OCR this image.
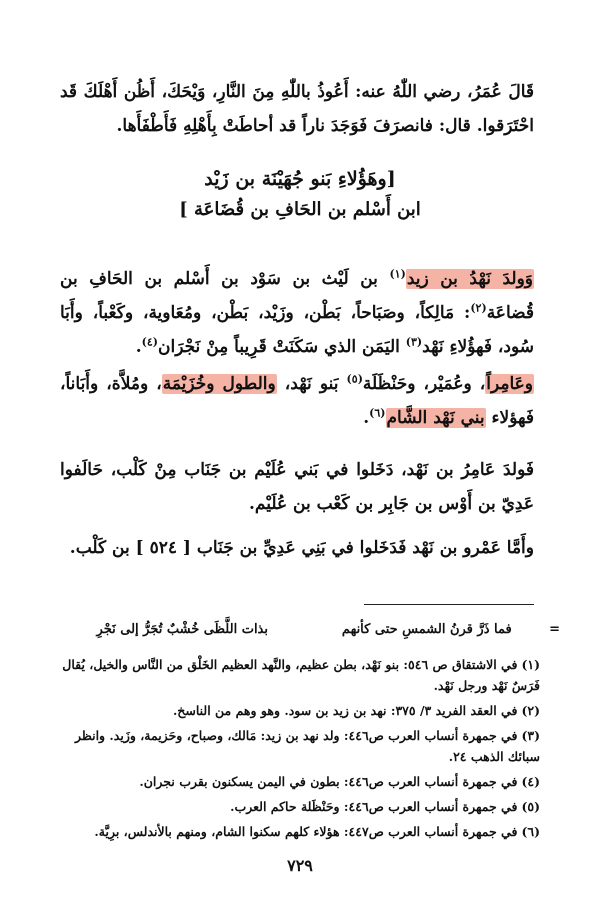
قَالَ عُمَرُ، رضي اللّٰهُ عنه: أَعُوذُ باللّٰهِ مِنَ النَّارِ، وَيْحَكَ، أَظُن أَهْلَكَ قَد احْتَرَقوا. قال: فانصرَفَ فَوَجَدَ ناراً قد أحاطَتْ بِأَهْلِهِ فَأَطْفَأَها.

[وهَؤُلاءِ بَنو جُهَيْنَة بن زَيْد
ابن أَسْلم بن الحَافِ بن قُضَاعَة ]

وَولدَ نَهْدُ بن زيد$^{(١)}$ بن لَيْث بن سَوْد بن أَسْلم بن الحَافِ بن قُضاعَة$^{(٢)}$: مَالِكاً، وصَبَاحاً، بَطْن، وزَيْد، بَطْن، ومُعَاوية، وكَعْباً، وأَبَا سُود، فَهؤُلاءِ نَهْد$^{(٣)}$ اليَمَن الذي سَكَنَتْ قَرِيباً مِنْ نَجْرَان$^{(٤)}$.

وعَامِراً، وعُمَيْر، وحَنْظَلَة$^{(٥)}$ بَنو نَهْد، والطول وخُزَيْمَة، ومُلاَّة، وأَبَاناً، فَهؤلاء بني نَهْد الشَّام$^{(٦)}$.

فَولدَ عَامِرُ بن نَهْد، دَخَلوا في بَني عُلَيْم بن جَنَاب مِنْ كَلْب، حَالَفوا عَدِيّ بن أَوْس بن جَابِر بن كَعْب بن عُلَيْم.

وأَمَّا عَمْرو بن نَهْد فَدَخَلوا في بَنِي عَدِيِّ بن جَنَاب [ ٥٢٤ ] بن كَلْب.

=
فما ذَرَّ قرنُ الشمسِ حتى كأنهم
بذات اللَّظَى خُشْبٌ تُجَرُّ إلى نَجْرِ

(١)في الاشتقاق ص ٥٤٦: بنو نَهْد، بطن عظيم، والنَّهد العظيم الخَلْق من النَّاس والخيل، يُقال فَرَسٌ نَهْد ورجل نَهْد.

(٢)في العقد الفريد ٣/ ٣٧٥: نهد بن زيد بن سود. وهو وهم من الناسخ.

(٣)في جمهرة أنساب العرب ص٤٤٦: ولد نهد بن زيد: مَالك، وصباح، وحَزيمة، وزَيد. وانظر سبائك الذهب ٢٤.

(٤)في جمهرة أنساب العرب ص٤٤٦: بطون في اليمن يسكنون بقرب نجران.

(٥)في جمهرة أنساب العرب ص٤٤٦: وحَنْظَلة حاكم العرب.

(٦)في جمهرة أنساب العرب ص٤٤٧: هؤلاء كلهم سكنوا الشام، ومنهم بالأندلس، برِيَّة.

٧٢٩
